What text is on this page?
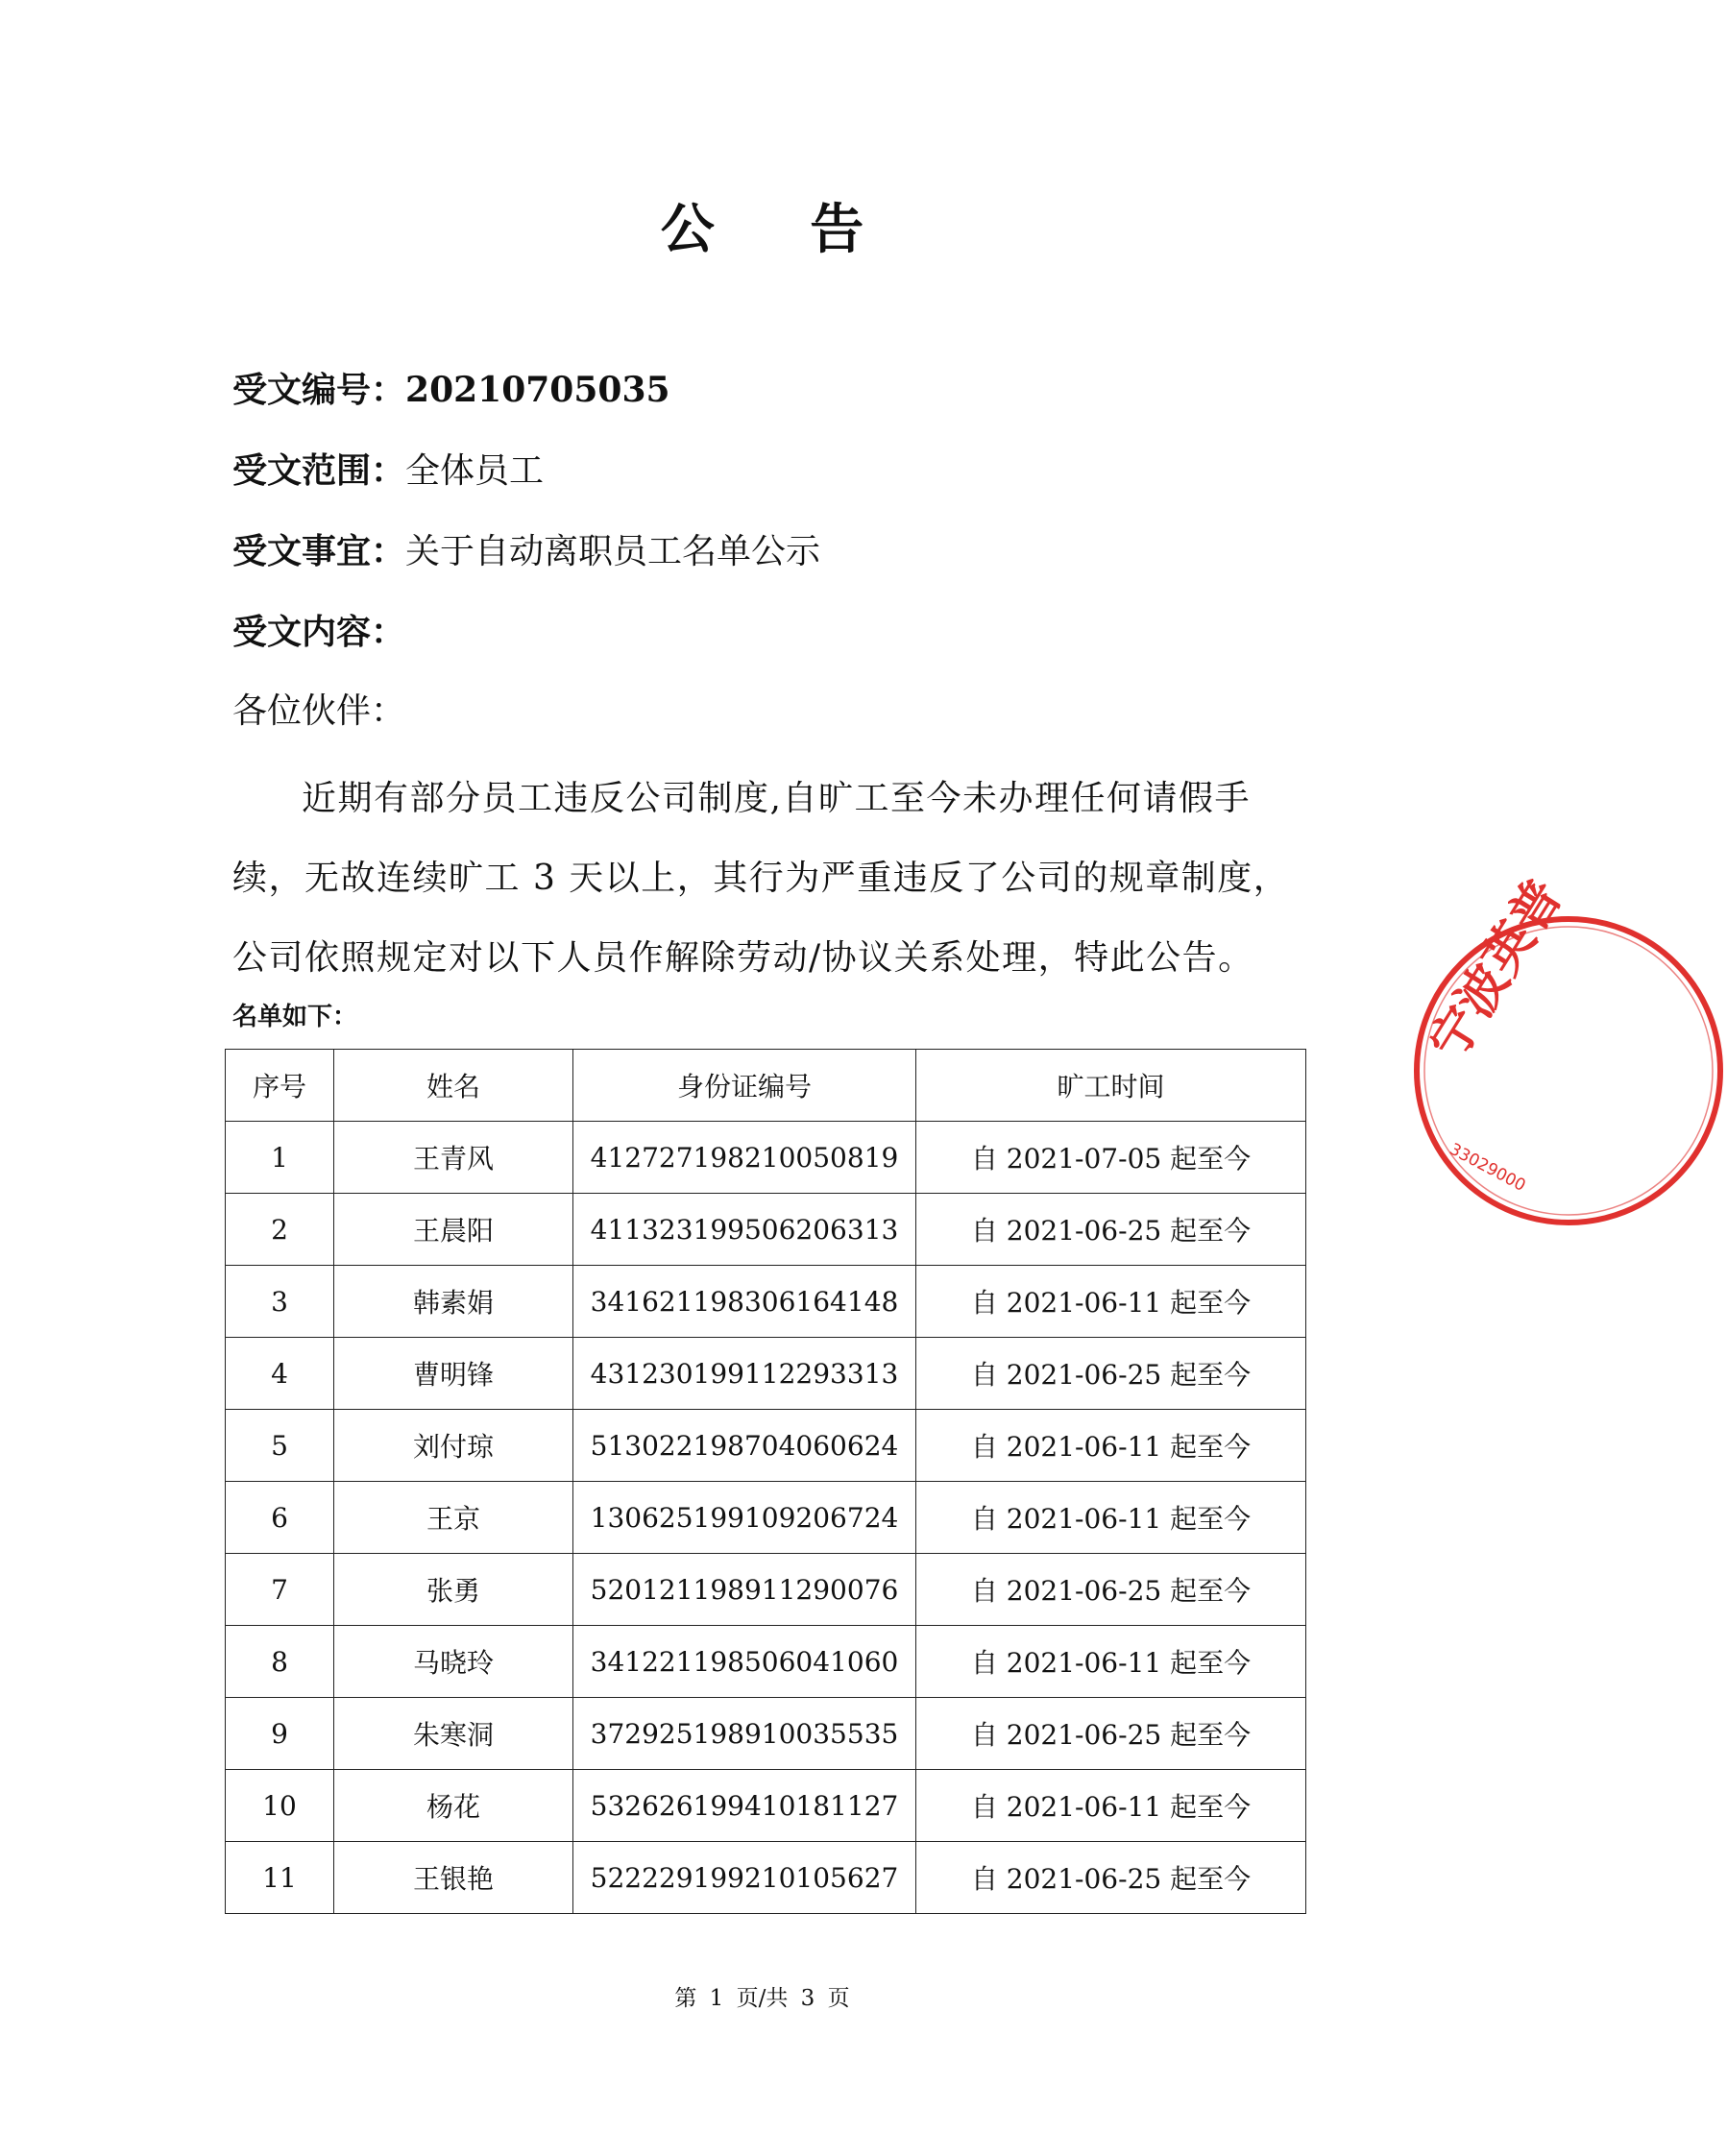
公 告
受文编号：20210705035
受文范围：全体员工
受文事宜：关于自动离职员工名单公示
受文内容：
各位伙伴：
近期有部分员工违反公司制度,自旷工至今未办理任何请假手续，无故连续旷工 3 天以上，其行为严重违反了公司的规章制度，公司依照规定对以下人员作解除劳动/协议关系处理，特此公告。
名单如下：
序号	姓名	身份证编号	旷工时间
1	王青风	412727198210050819	自 2021-07-05 起至今
2	王晨阳	411323199506206313	自 2021-06-25 起至今
3	韩素娟	341621198306164148	自 2021-06-11 起至今
4	曹明锋	431230199112293313	自 2021-06-25 起至今
5	刘付琼	513022198704060624	自 2021-06-11 起至今
6	王京	130625199109206724	自 2021-06-11 起至今
7	张勇	520121198911290076	自 2021-06-25 起至今
8	马晓玲	341221198506041060	自 2021-06-11 起至今
9	朱寒洞	372925198910035535	自 2021-06-25 起至今
10	杨花	532626199410181127	自 2021-06-11 起至今
11	王银艳	522229199210105627	自 2021-06-25 起至今
第 1 页/共 3 页
宁波英普
33029000
